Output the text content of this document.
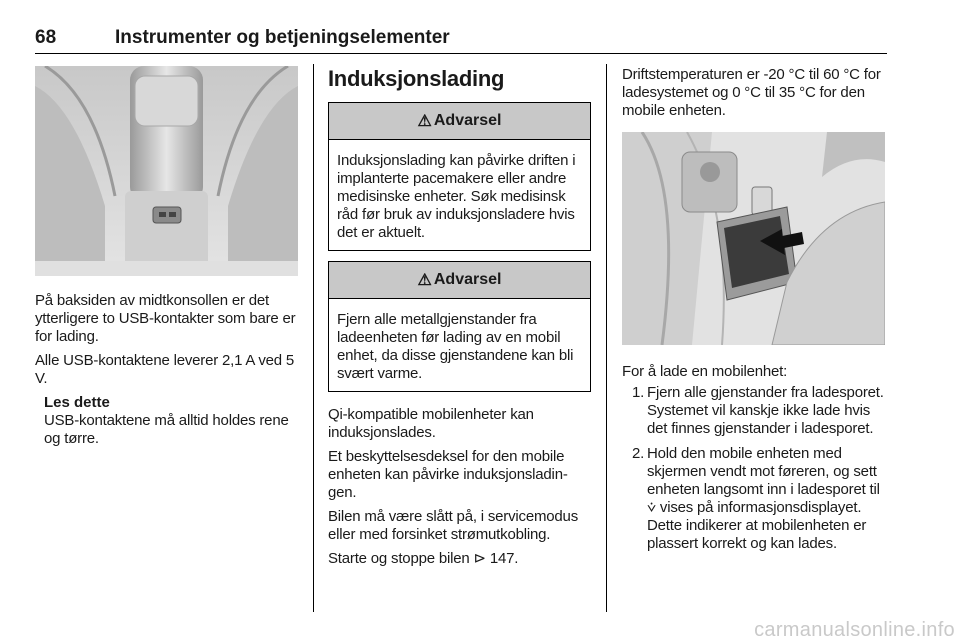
68	Instrumenter og betjeningselementer

På baksiden av midtkonsollen er det ytterligere to USB-kontakter som bare er for lading.

Alle USB-kontaktene leverer 2,1 A ved 5 V.

Les dette

USB-kontaktene må alltid holdes rene og tørre.

Induksjonslading
⚠ Advarsel

Induksjonslading kan påvirke driften i implanterte pacemakere eller andre medisinske enheter. Søk medisinsk råd før bruk av induksjonsladere hvis det er aktuelt.

⚠ Advarsel

Fjern alle metallgjenstander fra ladeenheten før lading av en mobil enhet, da disse gjenstandene kan bli svært varme.

Qi-kompatible mobilenheter kan induksjonslades.

Et beskyttelsesdeksel for den mobile enheten kan påvirke induksjonsladingen.

Bilen må være slått på, i servicemodus eller med forsinket strømutkobling.

Starte og stoppe bilen ⊳ 147.

Driftstemperaturen er -20 °C til 60 °C for ladesystemet og 0 °C til 35 °C for den mobile enheten.

For å lade en mobilenhet:

1. Fjern alle gjenstander fra ladesporet. Systemet vil kanskje ikke lade hvis det finnes gjenstander i ladesporet.
2. Hold den mobile enheten med skjermen vendt mot føreren, og sett enheten langsomt inn i ladesporet til ⩒ vises på informasjonsdisplayet. Dette indikerer at mobilenheten er plassert korrekt og kan lades.
carmanualsonline.info
